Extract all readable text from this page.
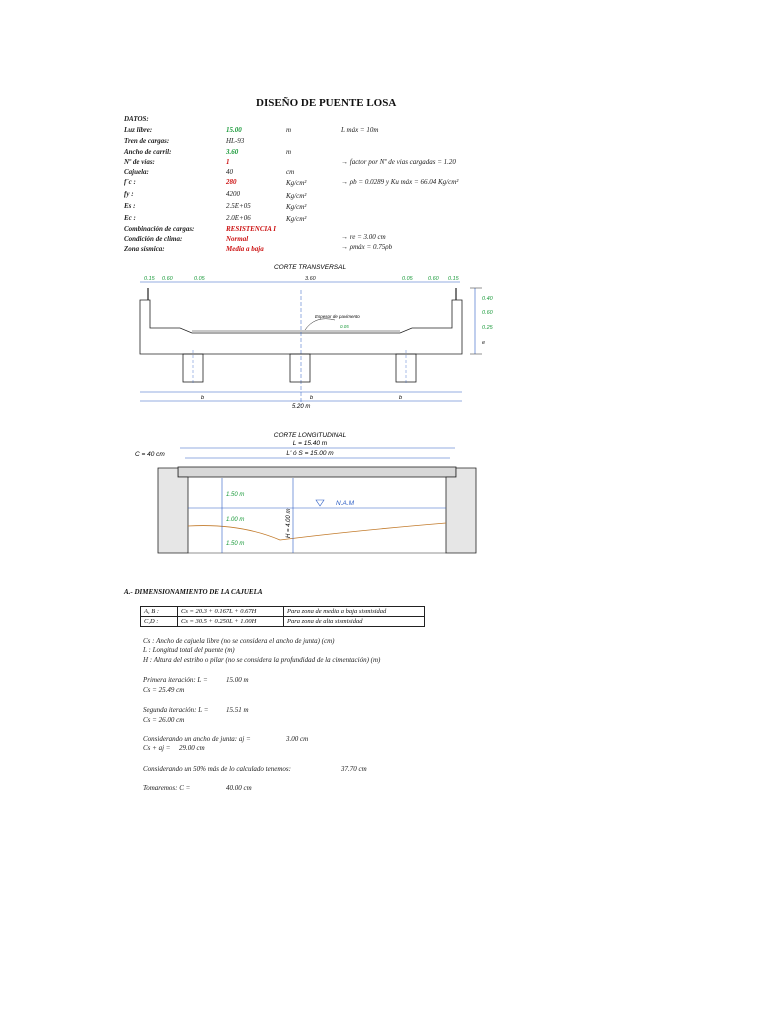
DISEÑO DE PUENTE LOSA
DATOS:
Luz libre:	15.00	m	L máx = 10m
Tren de cargas:	HL-93
Ancho de carril:	3.60	m
Nº de vías:	1	→ factor por Nº de vias cargadas = 1.20
Cajuela:	40	cm
f´c :	280	Kg/cm²	→ ρb = 0.0289 y Ku máx = 66.04 Kg/cm²
fy :	4200	Kg/cm²
Es :	2.5E+05	Kg/cm²
Ec :	2.0E+06	Kg/cm²
Combinación de cargas:	RESISTENCIA I
Condición de clima:	Normal	→ re = 3.00 cm
Zona sísmica:	Media a baja	→ ρmáx = 0.75ρb
CORTE TRANSVERSAL
0.15 0.60	0.05	3.60	0.05	0.60 0.15
Espesor de pavimento
0.05
b	b	b
5.20 m
0.40
0.60
0.25
e
CORTE LONGITUDINAL
L = 15.40 m
L' ó S = 15.00 m
C = 40 cm
N.A.M
1.50 m
1.00 m
1.50 m
H = 4.00 m
A.- DIMENSIONAMIENTO DE LA CAJUELA
A, B :	Cs = 20.3 + 0.167L + 0.67H	Para zona de media a baja sismisidad
C,D :	Cs = 30.5 + 0.250L + 1.00H	Para zona de alta sismisidad
Cs : Ancho de cajuela libre (no se considera el ancho de junta) (cm)
L : Longitud total del puente (m)
H : Altura del estribo o pilar (no se considera la profundidad de la cimentación) (m)
Primera iteración: L =	15.00 m
Cs = 25.49 cm
Segunda iteración: L =	15.51 m
Cs = 26.00 cm
Considerando un ancho de junta: aj =	3.00 cm
Cs + aj = 29.00 cm
Considerando un 50% más de lo calculado tenemos:	37.70 cm
Tomaremos: C =	40.00 cm
